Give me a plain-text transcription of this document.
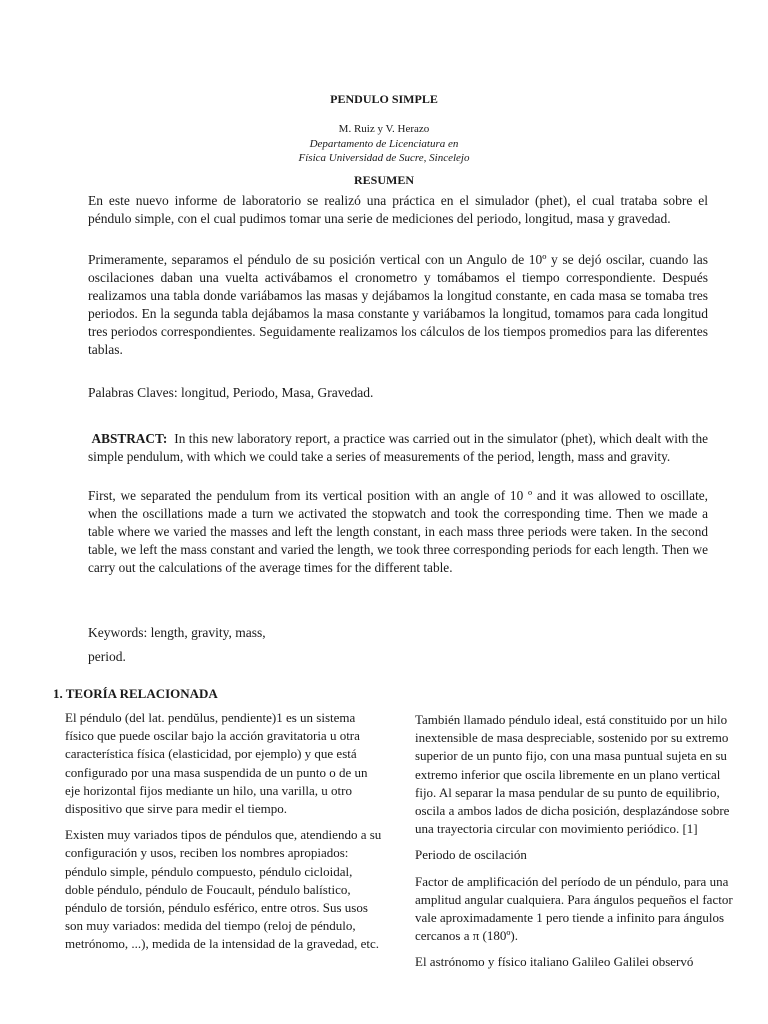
PENDULO SIMPLE
M. Ruiz y V. Herazo
Departamento de Licenciatura en
Física Universidad de Sucre, Sincelejo
RESUMEN

En este nuevo informe de laboratorio se realizó una práctica en el simulador (phet), el cual trataba sobre el péndulo simple, con el cual pudimos tomar una serie de mediciones del periodo, longitud, masa y gravedad.

Primeramente, separamos el péndulo de su posición vertical con un Angulo de 10º y se dejó oscilar, cuando las oscilaciones daban una vuelta activábamos el cronometro y tomábamos el tiempo correspondiente. Después realizamos una tabla donde variábamos las masas y dejábamos la longitud constante, en cada masa se tomaba tres periodos. En la segunda tabla dejábamos la masa constante y variábamos la longitud, tomamos para cada longitud tres periodos correspondientes. Seguidamente realizamos los cálculos de los tiempos promedios para las diferentes tablas.

Palabras Claves: longitud, Periodo, Masa, Gravedad.

ABSTRACT: In this new laboratory report, a practice was carried out in the simulator (phet), which dealt with the simple pendulum, with which we could take a series of measurements of the period, length, mass and gravity.

First, we separated the pendulum from its vertical position with an angle of 10 º and it was allowed to oscillate, when the oscillations made a turn we activated the stopwatch and took the corresponding time. Then we made a table where we varied the masses and left the length constant, in each mass three periods were taken. In the second table, we left the mass constant and varied the length, we took three corresponding periods for each length. Then we carry out the calculations of the average times for the different table.

Keywords: length, gravity, mass,

period.

1. TEORÍA RELACIONADA

El péndulo (del lat. pendŭlus, pendiente)1 es un sistema físico que puede oscilar bajo la acción gravitatoria u otra característica física (elasticidad, por ejemplo) y que está configurado por una masa suspendida de un punto o de un eje horizontal fijos mediante un hilo, una varilla, u otro dispositivo que sirve para medir el tiempo.

Existen muy variados tipos de péndulos que, atendiendo a su configuración y usos, reciben los nombres apropiados: péndulo simple, péndulo compuesto, péndulo cicloidal, doble péndulo, péndulo de Foucault, péndulo balístico, péndulo de torsión, péndulo esférico, entre otros. Sus usos son muy variados: medida del tiempo (reloj de péndulo, metrónomo, ...), medida de la intensidad de la gravedad, etc.

También llamado péndulo ideal, está constituido por un hilo inextensible de masa despreciable, sostenido por su extremo superior de un punto fijo, con una masa puntual sujeta en su extremo inferior que oscila libremente en un plano vertical fijo. Al separar la masa pendular de su punto de equilibrio, oscila a ambos lados de dicha posición, desplazándose sobre una trayectoria circular con movimiento periódico. [1]

Periodo de oscilación

Factor de amplificación del período de un péndulo, para una amplitud angular cualquiera. Para ángulos pequeños el factor vale aproximadamente 1 pero tiende a infinito para ángulos cercanos a π (180º).

El astrónomo y físico italiano Galileo Galilei observó
